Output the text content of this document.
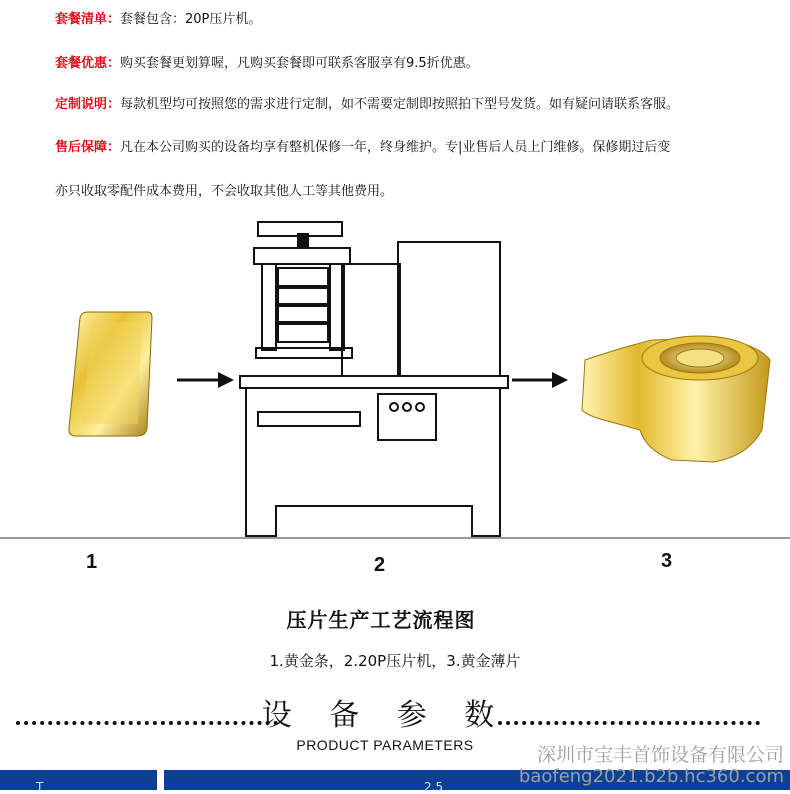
套餐清单：套餐包含：20P压片机。
套餐优惠：购买套餐更划算喔，凡购买套餐即可联系客服享有9.5折优惠。
定制说明：每款机型均可按照您的需求进行定制，如不需要定制即按照拍下型号发货。如有疑问请联系客服。
售后保障：凡在本公司购买的设备均享有整机保修一年，终身维护。专|业售后人员上门维修。保修期过后变
亦只收取零配件成本费用，不会收取其他人工等其他费用。
1	2	3
压片生产工艺流程图
1.黄金条，2.20P压片机，3.黄金薄片
设 备 参 数
PRODUCT PARAMETERS
T	2.5
深圳市宝丰首饰设备有限公司
baofeng2021.b2b.hc360.com
